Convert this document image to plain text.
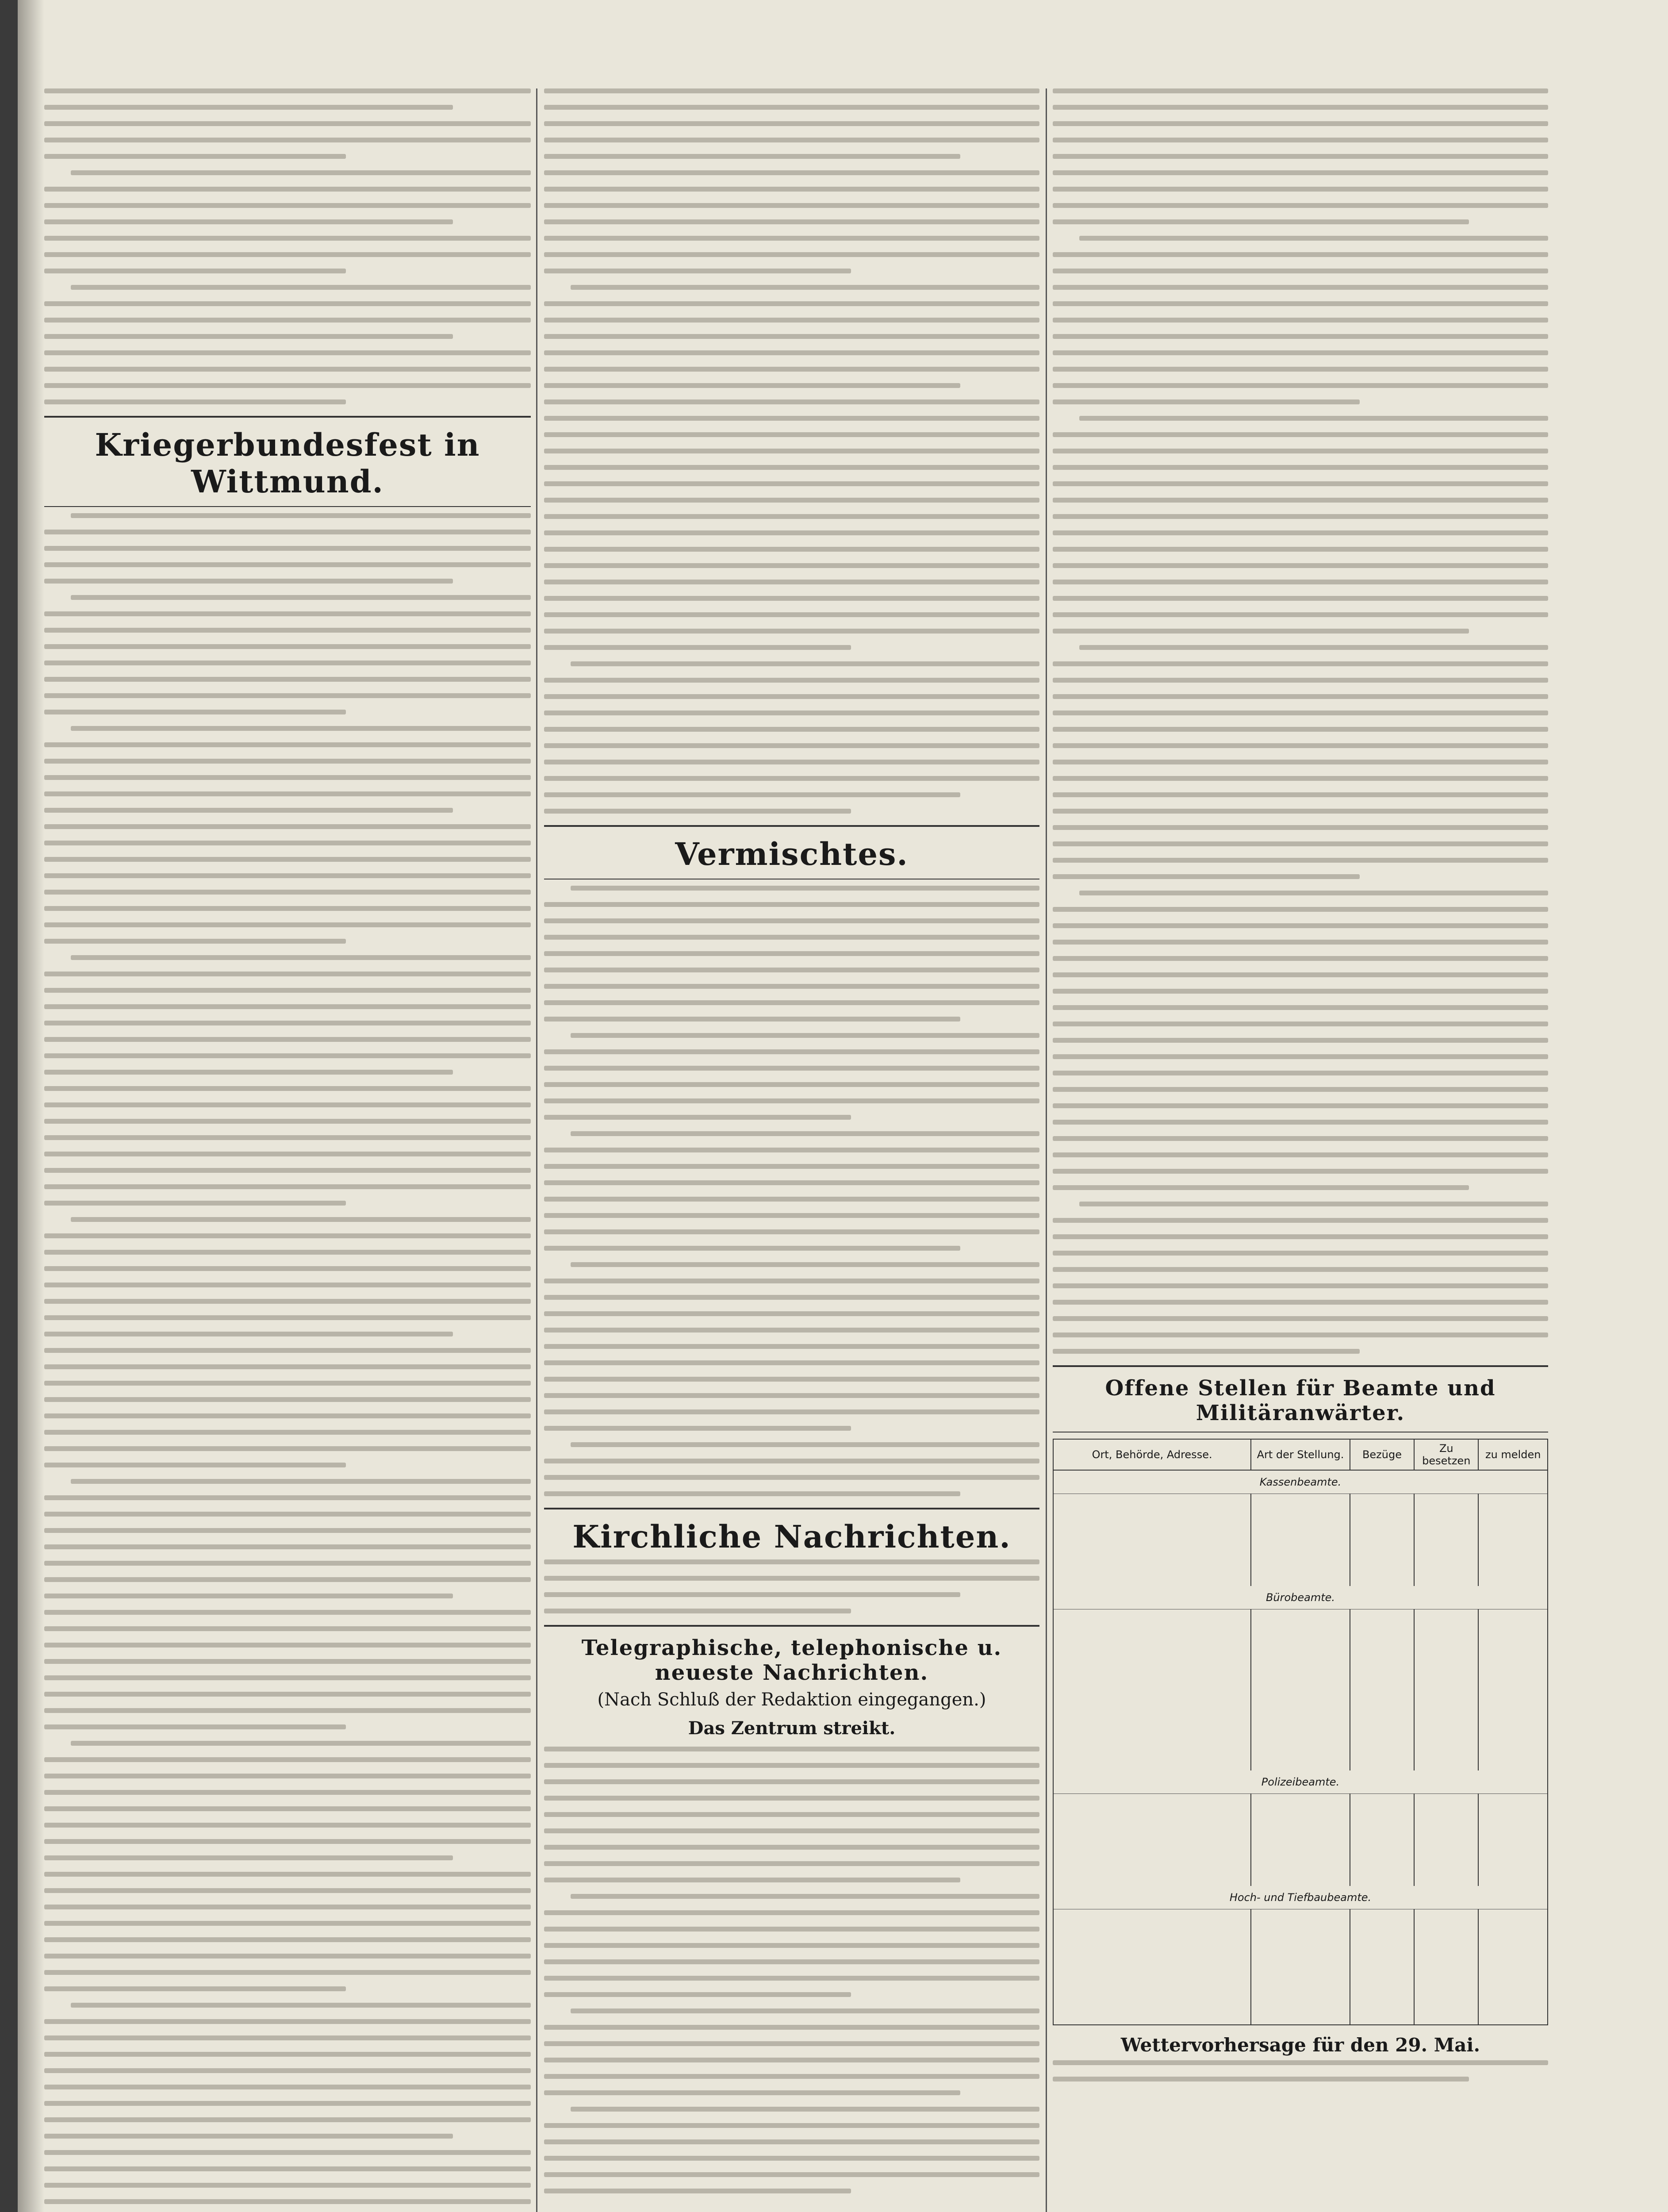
Kriegerbundesfest in Wittmund.
Vermischtes.
Kirchliche Nachrichten.
Telegraphische, telephonische u. neueste Nachrichten.
(Nach Schluß der Redaktion eingegangen.)
Das Zentrum streikt.
Offene Stellen für Beamte und Militäranwärter.
Ort, Behörde, Adresse.	Art der Stellung.	Bezüge	Zu besetzen	zu melden
Kassenbeamte.				

Bürobeamte.				

Polizeibeamte.				

Hoch- und Tiefbaubeamte.				

Wettervorhersage für den 29. Mai.
